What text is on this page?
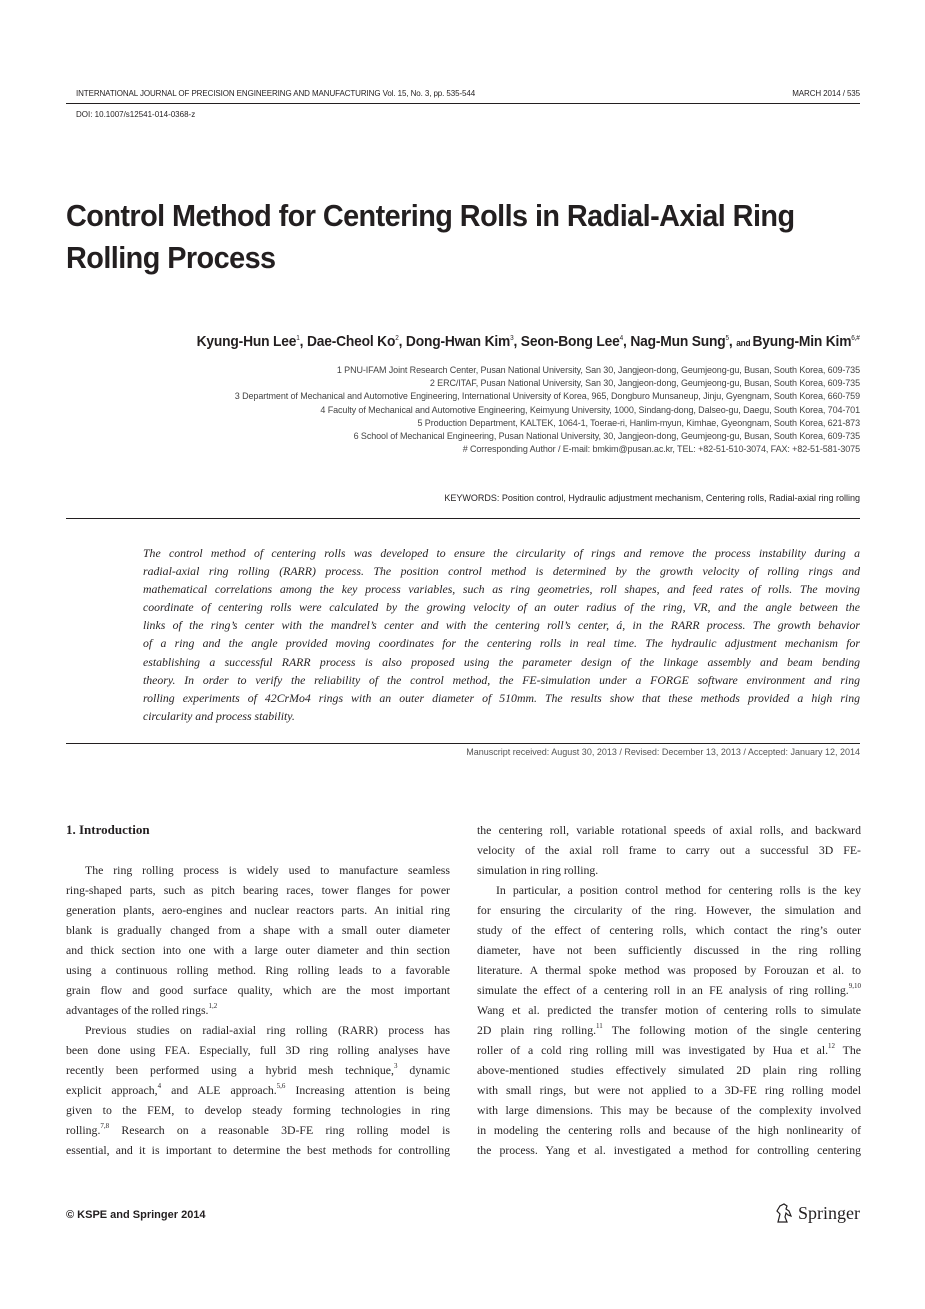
INTERNATIONAL JOURNAL OF PRECISION ENGINEERING AND MANUFACTURING Vol. 15, No. 3, pp. 535-544	MARCH 2014 / 535
DOI: 10.1007/s12541-014-0368-z
Control Method for Centering Rolls in Radial-Axial Ring Rolling Process
Kyung-Hun Lee$^1$, Dae-Cheol Ko$^2$, Dong-Hwan Kim$^3$, Seon-Bong Lee$^4$, Nag-Mun Sung$^5$, and Byung-Min Kim$^{6,\#}$
1 PNU-IFAM Joint Research Center, Pusan National University, San 30, Jangjeon-dong, Geumjeong-gu, Busan, South Korea, 609-735
2 ERC/ITAF, Pusan National University, San 30, Jangjeon-dong, Geumjeong-gu, Busan, South Korea, 609-735
3 Department of Mechanical and Automotive Engineering, International University of Korea, 965, Dongburo Munsaneup, Jinju, Gyengnam, South Korea, 660-759
4 Faculty of Mechanical and Automotive Engineering, Keimyung University, 1000, Sindang-dong, Dalseo-gu, Daegu, South Korea, 704-701
5 Production Department, KALTEK, 1064-1, Toerae-ri, Hanlim-myun, Kimhae, Gyeongnam, South Korea, 621-873
6 School of Mechanical Engineering, Pusan National University, 30, Jangjeon-dong, Geumjeong-gu, Busan, South Korea, 609-735
# Corresponding Author / E-mail: bmkim@pusan.ac.kr, TEL: +82-51-510-3074, FAX: +82-51-581-3075
KEYWORDS: Position control, Hydraulic adjustment mechanism, Centering rolls, Radial-axial ring rolling
The control method of centering rolls was developed to ensure the circularity of rings and remove the process instability during a
radial-axial ring rolling (RARR) process. The position control method is determined by the growth velocity of rolling rings and
mathematical correlations among the key process variables, such as ring geometries, roll shapes, and feed rates of rolls. The moving
coordinate of centering rolls were calculated by the growing velocity of an outer radius of the ring, VR, and the angle between the
links of the ring’s center with the mandrel’s center and with the centering roll’s center, á, in the RARR process. The growth behavior
of a ring and the angle provided moving coordinates for the centering rolls in real time. The hydraulic adjustment mechanism for
establishing a successful RARR process is also proposed using the parameter design of the linkage assembly and beam bending
theory. In order to verify the reliability of the control method, the FE-simulation under a FORGE software environment and ring
rolling experiments of 42CrMo4 rings with an outer diameter of 510mm. The results show that these methods provided a high ring
circularity and process stability.
Manuscript received: August 30, 2013 / Revised: December 13, 2013 / Accepted: January 12, 2014
1. Introduction
The ring rolling process is widely used to manufacture seamless
ring-shaped parts, such as pitch bearing races, tower flanges for power
generation plants, aero-engines and nuclear reactors parts. An initial ring
blank is gradually changed from a shape with a small outer diameter
and thick section into one with a large outer diameter and thin section
using a continuous rolling method. Ring rolling leads to a favorable
grain flow and good surface quality, which are the most important
advantages of the rolled rings.$^{1,2}$
Previous studies on radial-axial ring rolling (RARR) process has
been done using FEA. Especially, full 3D ring rolling analyses have
recently been performed using a hybrid mesh technique,$^3$ dynamic
explicit approach,$^4$ and ALE approach.$^{5,6}$ Increasing attention is being
given to the FEM, to develop steady forming technologies in ring
rolling.$^{7,8}$ Research on a reasonable 3D-FE ring rolling model is
essential, and it is important to determine the best methods for controlling
the centering roll, variable rotational speeds of axial rolls, and backward
velocity of the axial roll frame to carry out a successful 3D FE-
simulation in ring rolling.
In particular, a position control method for centering rolls is the key
for ensuring the circularity of the ring. However, the simulation and
study of the effect of centering rolls, which contact the ring’s outer
diameter, have not been sufficiently discussed in the ring rolling
literature. A thermal spoke method was proposed by Forouzan et al. to
simulate the effect of a centering roll in an FE analysis of ring rolling.$^{9,10}$
Wang et al. predicted the transfer motion of centering rolls to simulate
2D plain ring rolling.$^{11}$ The following motion of the single centering
roller of a cold ring rolling mill was investigated by Hua et al.$^{12}$ The
above-mentioned studies effectively simulated 2D plain ring rolling
with small rings, but were not applied to a 3D-FE ring rolling model
with large dimensions. This may be because of the complexity involved
in modeling the centering rolls and because of the high nonlinearity of
the process. Yang et al. investigated a method for controlling centering
© KSPE and Springer 2014	Springer
